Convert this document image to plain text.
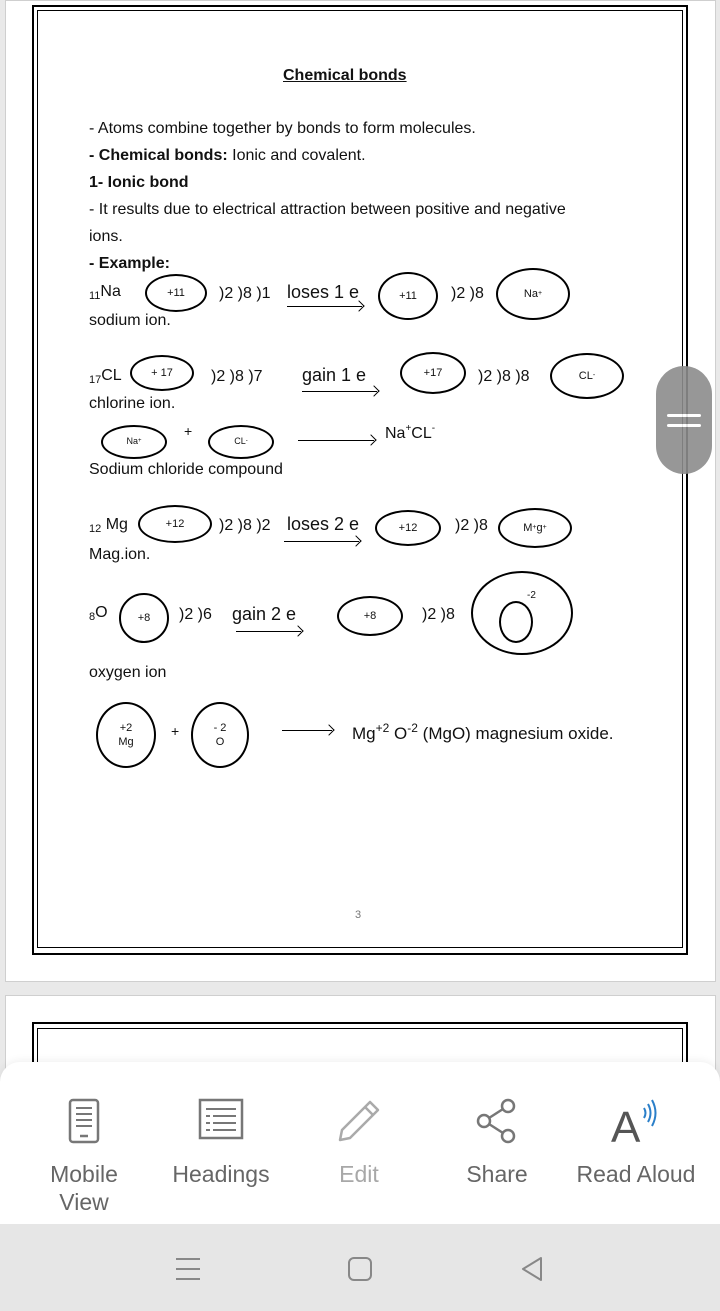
Chemical bonds
- Atoms combine together by bonds to form molecules.
- Chemical bonds: Ionic and covalent.
1- Ionic bond
- It results due to electrical attraction between positive and negative
ions.
- Example:
$_{11}$Na	+11	)2 )8 )1 loses 1 e	+11	)2 )8	Na +
sodium ion.
$_{17}$CL	+ 17	)2 )8 )7 gain 1 e	+17	)2 )8 )8	CL -
chlorine ion.
Na +
+
CL -	Na+CL-
Sodium chloride compound
$_{12}$ Mg	+12	)2 )8 )2 loses 2 e	+12	)2 )8	M + g +
Mag.ion.
$_8$O	+8	)2 )6 gain 2 e	+8	)2 )8
-2
oxygen ion
+2
Mg
+	- 2
O	$Mg^{+2}$ $O^{-2}$ (MgO) magnesium oxide.
3
Mobile
View
Headings	Edit	Share
A
Read Aloud
